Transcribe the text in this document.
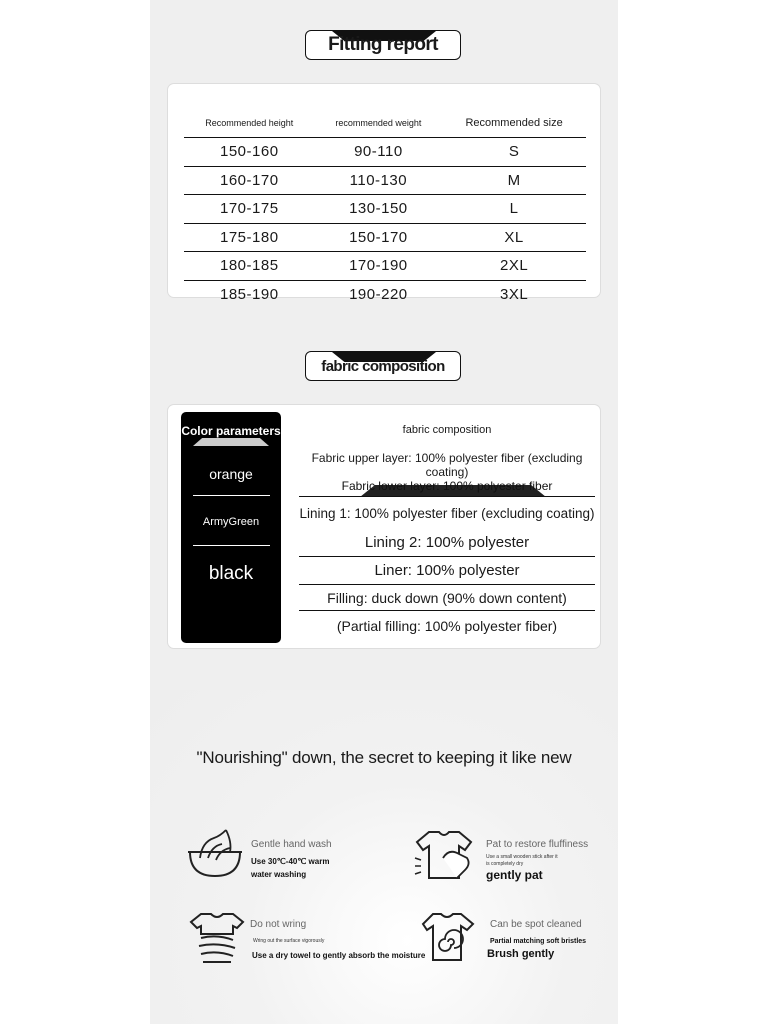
Fitting report
Recommended height	recommended weight	Recommended size
150-160	90-110	S
160-170	110-130	M
170-175	130-150	L
175-180	150-170	XL
180-185	170-190	2XL
185-190	190-220	3XL
fabric composition
Color parameters
orange
ArmyGreen
black
fabric composition
Fabric upper layer: 100% polyester fiber (excluding coating)
Fabric lower layer: 100% polyester fiber
Lining 1: 100% polyester fiber (excluding coating)
Lining 2: 100% polyester
Liner: 100% polyester
Filling: duck down (90% down content)
(Partial filling: 100% polyester fiber)
"Nourishing" down, the secret to keeping it like new
Gentle hand wash
Use 30℃-40℃ warm water washing
Pat to restore fluffiness
Use a small wooden stick after it is completely dry
gently pat
Do not wring
Wring out the surface vigorously
Use a dry towel to gently absorb the moisture
Can be spot cleaned
Partial matching soft bristles
Brush gently
